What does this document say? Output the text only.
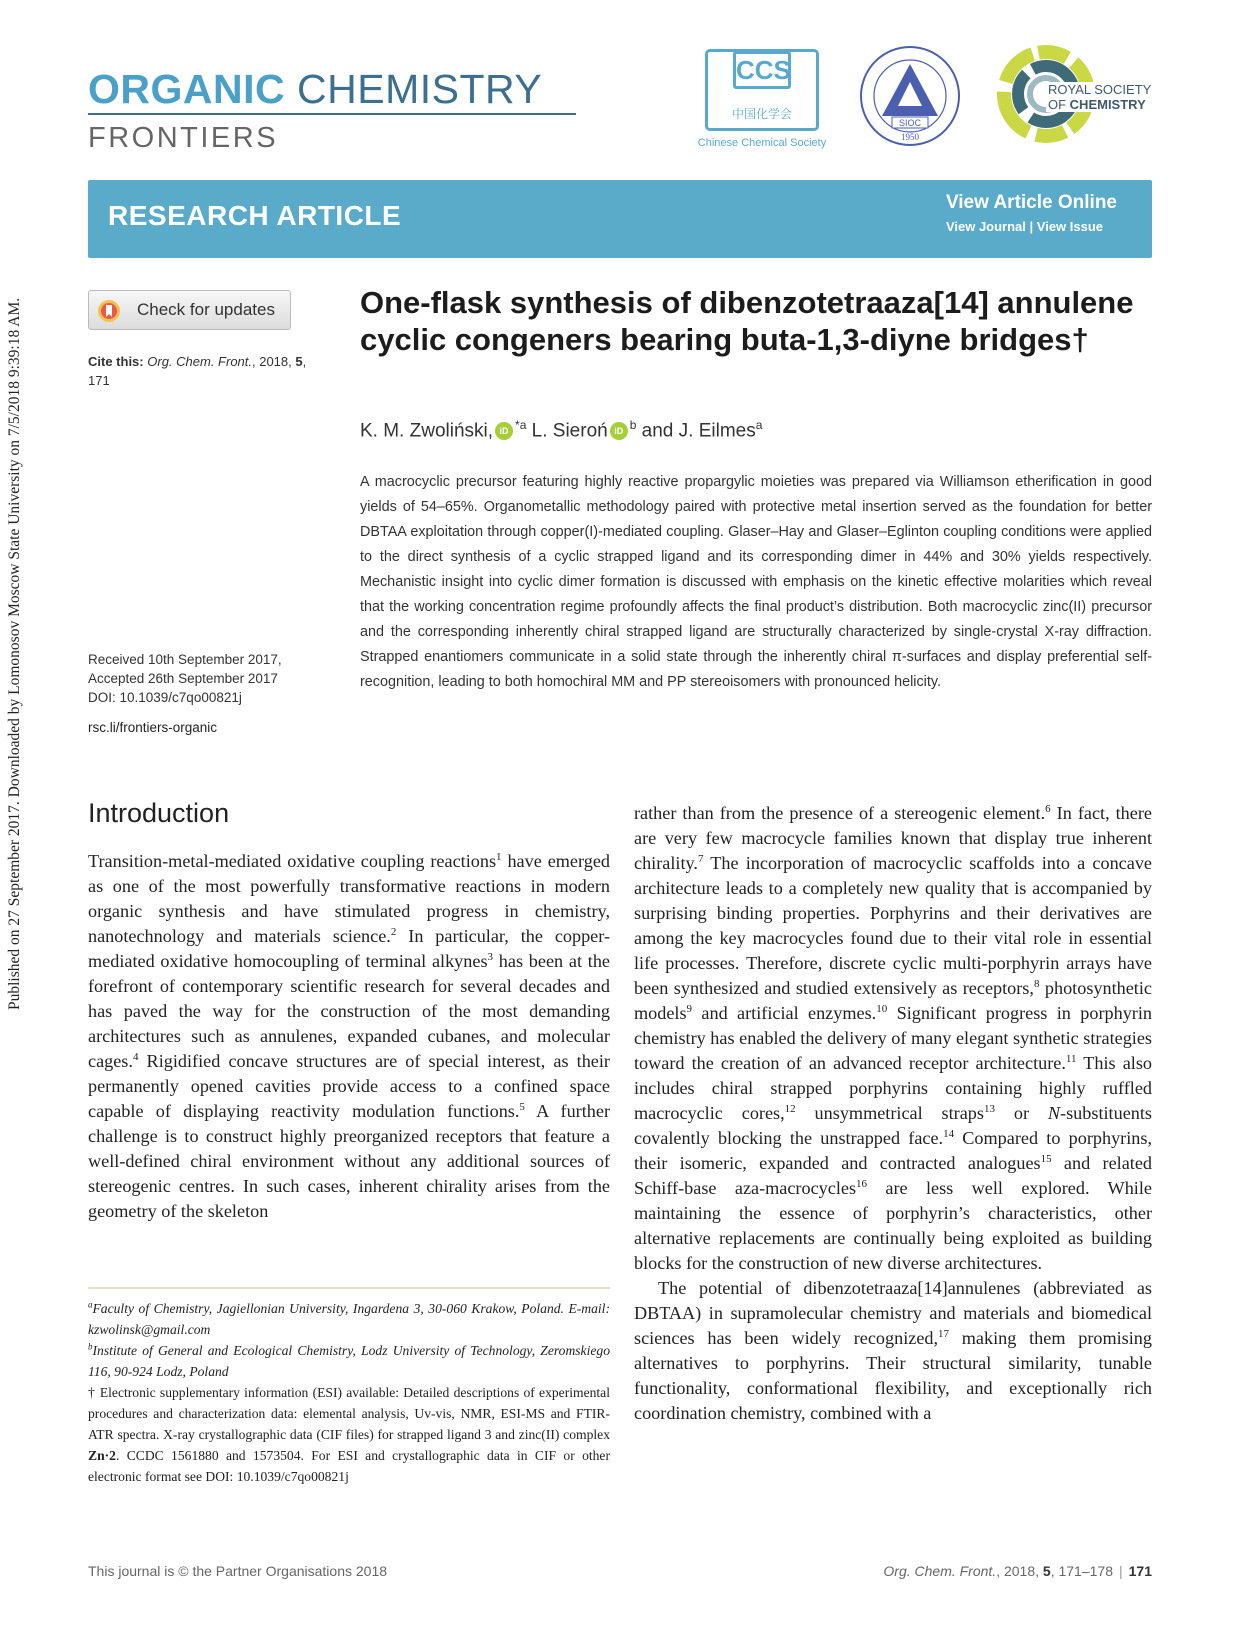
Published on 27 September 2017. Downloaded by Lomonosov Moscow State University on 7/5/2018 9:39:18 AM.
ORGANIC CHEMISTRY
FRONTIERS
CCS
中国化学会
Chinese Chemical Society
SIOC
1950
ROYAL SOCIETY
OF CHEMISTRY
RESEARCH ARTICLE	View Article Online
View Journal | View Issue
Check for updates
Cite this: Org. Chem. Front., 2018, 5,
171
Received 10th September 2017,
Accepted 26th September 2017
DOI: 10.1039/c7qo00821j
rsc.li/frontiers-organic
One-flask synthesis of dibenzotetraaza[14] annulene cyclic congeners bearing buta-1,3-diyne bridges†
K. M. Zwoliński, iD $^{*a}$ L. Sieroń iD $^b$ and J. Eilmes$^a$
A macrocyclic precursor featuring highly reactive propargylic moieties was prepared via Williamson etherification in good yields of 54–65%. Organometallic methodology paired with protective metal insertion served as the foundation for better DBTAA exploitation through copper(I)-mediated coupling. Glaser–Hay and Glaser–Eglinton coupling conditions were applied to the direct synthesis of a cyclic strapped ligand and its corresponding dimer in 44% and 30% yields respectively. Mechanistic insight into cyclic dimer formation is discussed with emphasis on the kinetic effective molarities which reveal that the working concentration regime profoundly affects the final product’s distribution. Both macrocyclic zinc(II) precursor and the corresponding inherently chiral strapped ligand are structurally characterized by single-crystal X-ray diffraction. Strapped enantiomers communicate in a solid state through the inherently chiral π-surfaces and display preferential self-recognition, leading to both homochiral MM and PP stereoisomers with pronounced helicity.
Introduction

Transition-metal-mediated oxidative coupling reactions$^1$ have emerged as one of the most powerfully transformative reactions in modern organic synthesis and have stimulated progress in chemistry, nanotechnology and materials science.$^2$ In particular, the copper-mediated oxidative homocoupling of terminal alkynes$^3$ has been at the forefront of contemporary scientific research for several decades and has paved the way for the construction of the most demanding architectures such as annulenes, expanded cubanes, and molecular cages.$^4$ Rigidified concave structures are of special interest, as their permanently opened cavities provide access to a confined space capable of displaying reactivity modulation functions.$^5$ A further challenge is to construct highly preorganized receptors that feature a well-defined chiral environment without any additional sources of stereogenic centres. In such cases, inherent chirality arises from the geometry of the skeleton

$^a$Faculty of Chemistry, Jagiellonian University, Ingardena 3, 30-060 Krakow, Poland. E-mail: kzwolinsk@gmail.com
$^b$Institute of General and Ecological Chemistry, Lodz University of Technology, Zeromskiego 116, 90-924 Lodz, Poland
† Electronic supplementary information (ESI) available: Detailed descriptions of experimental procedures and characterization data: elemental analysis, Uv-vis, NMR, ESI-MS and FTIR-ATR spectra. X-ray crystallographic data (CIF files) for strapped ligand 3 and zinc(II) complex Zn·2. CCDC 1561880 and 1573504. For ESI and crystallographic data in CIF or other electronic format see DOI: 10.1039/c7qo00821j

rather than from the presence of a stereogenic element.$^6$ In fact, there are very few macrocycle families known that display true inherent chirality.$^7$ The incorporation of macrocyclic scaffolds into a concave architecture leads to a completely new quality that is accompanied by surprising binding properties. Porphyrins and their derivatives are among the key macrocycles found due to their vital role in essential life processes. Therefore, discrete cyclic multi-porphyrin arrays have been synthesized and studied extensively as receptors,$^8$ photosynthetic models$^9$ and artificial enzymes.$^{10}$ Significant progress in porphyrin chemistry has enabled the delivery of many elegant synthetic strategies toward the creation of an advanced receptor architecture.$^{11}$ This also includes chiral strapped porphyrins containing highly ruffled macrocyclic cores,$^{12}$ unsymmetrical straps$^{13}$ or N-substituents covalently blocking the unstrapped face.$^{14}$ Compared to porphyrins, their isomeric, expanded and contracted analogues$^{15}$ and related Schiff-base aza-macrocycles$^{16}$ are less well explored. While maintaining the essence of porphyrin’s characteristics, other alternative replacements are continually being exploited as building blocks for the construction of new diverse architectures.

The potential of dibenzotetraaza[14]annulenes (abbreviated as DBTAA) in supramolecular chemistry and materials and biomedical sciences has been widely recognized,$^{17}$ making them promising alternatives to porphyrins. Their structural similarity, tunable functionality, conformational flexibility, and exceptionally rich coordination chemistry, combined with a

This journal is © the Partner Organisations 2018	Org. Chem. Front., 2018, 5, 171–178 | 171
